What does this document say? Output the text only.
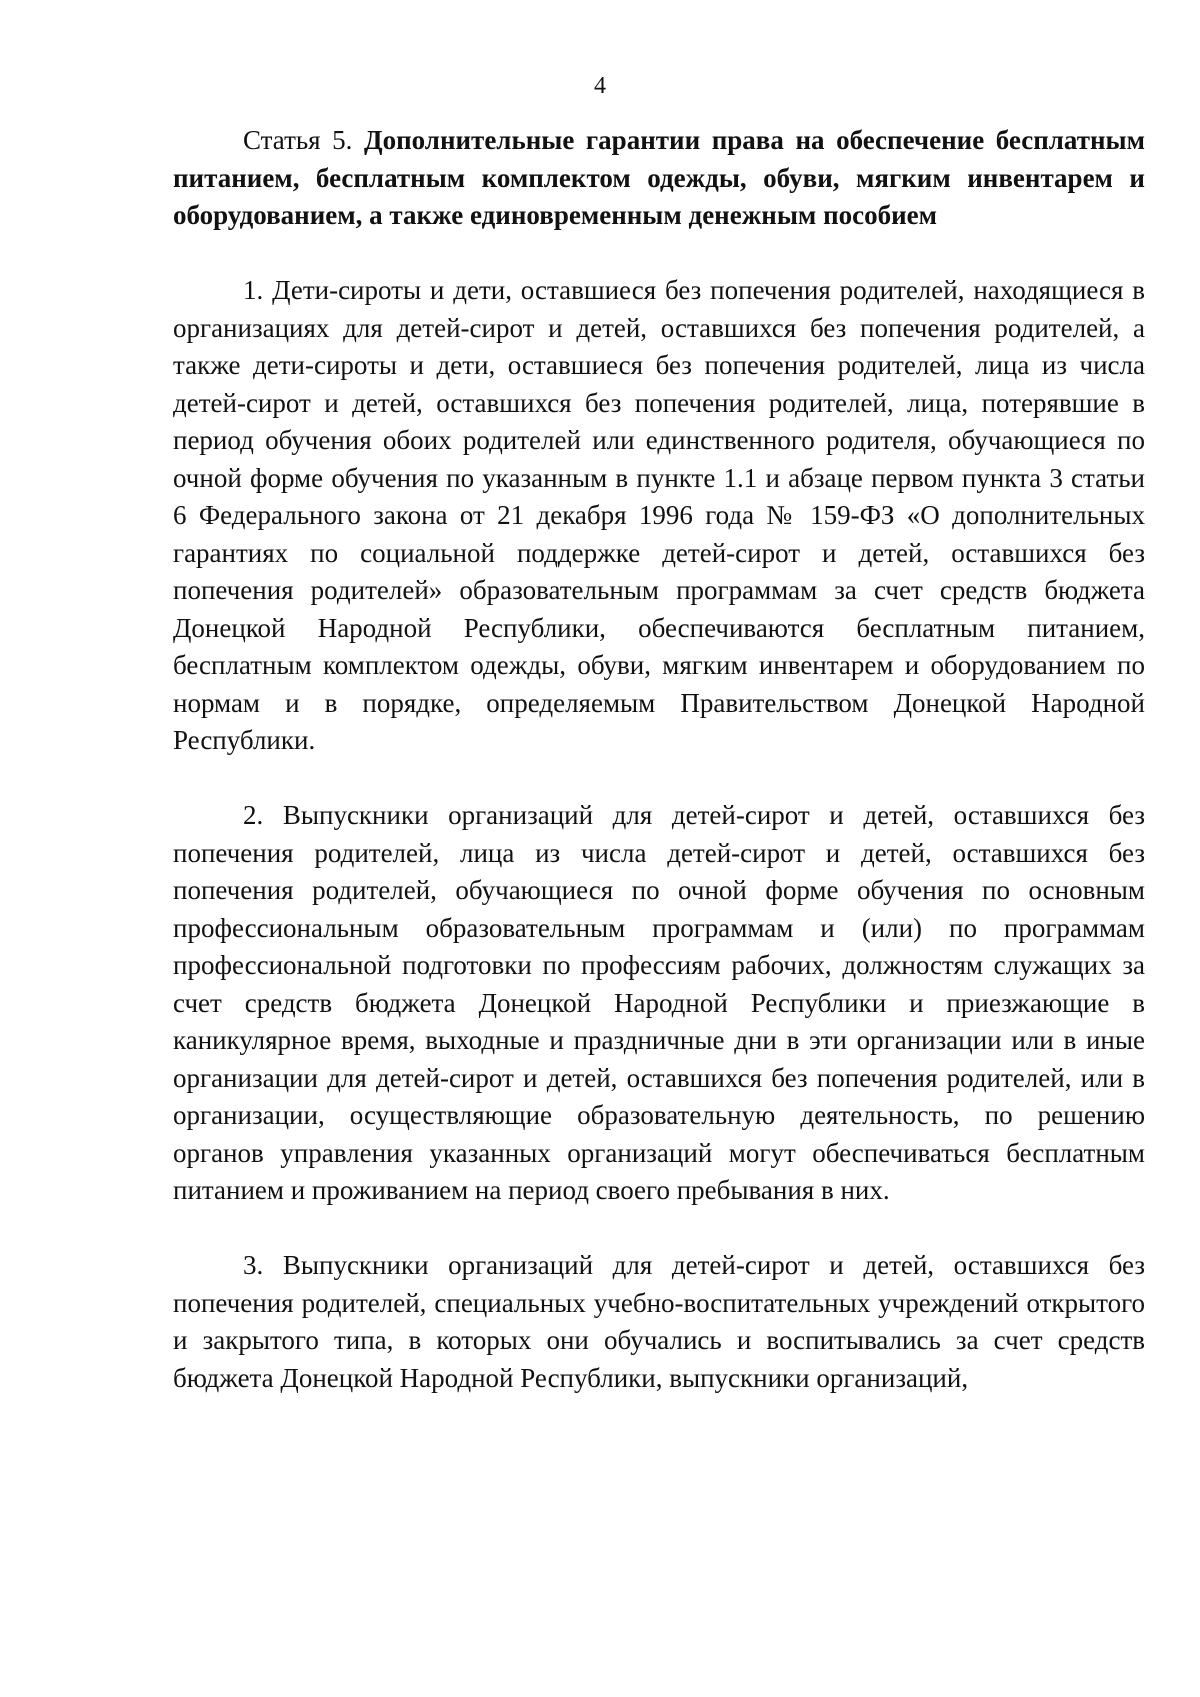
4

Статья 5. Дополнительные гарантии права на обеспечение бесплатным питанием, бесплатным комплектом одежды, обуви, мягким инвентарем и оборудованием, а также единовременным денежным пособием

1. Дети-сироты и дети, оставшиеся без попечения родителей, находящиеся в организациях для детей-сирот и детей, оставшихся без попечения родителей, а также дети-сироты и дети, оставшиеся без попечения родителей, лица из числа детей-сирот и детей, оставшихся без попечения родителей, лица, потерявшие в период обучения обоих родителей или единственного родителя, обучающиеся по очной форме обучения по указанным в пункте 1.1 и абзаце первом пункта 3 статьи 6 Федерального закона от 21 декабря 1996 года № 159-ФЗ «О дополнительных гарантиях по социальной поддержке детей-сирот и детей, оставшихся без попечения родителей» образовательным программам за счет средств бюджета Донецкой Народной Республики, обеспечиваются бесплатным питанием, бесплатным комплектом одежды, обуви, мягким инвентарем и оборудованием по нормам и в порядке, определяемым Правительством Донецкой Народной Республики.

2. Выпускники организаций для детей-сирот и детей, оставшихся без попечения родителей, лица из числа детей-сирот и детей, оставшихся без попечения родителей, обучающиеся по очной форме обучения по основным профессиональным образовательным программам и (или) по программам профессиональной подготовки по профессиям рабочих, должностям служащих за счет средств бюджета Донецкой Народной Республики и приезжающие в каникулярное время, выходные и праздничные дни в эти организации или в иные организации для детей-сирот и детей, оставшихся без попечения родителей, или в организации, осуществляющие образовательную деятельность, по решению органов управления указанных организаций могут обеспечиваться бесплатным питанием и проживанием на период своего пребывания в них.

3. Выпускники организаций для детей-сирот и детей, оставшихся без попечения родителей, специальных учебно-воспитательных учреждений открытого и закрытого типа, в которых они обучались и воспитывались за счет средств бюджета Донецкой Народной Республики, выпускники организаций,
